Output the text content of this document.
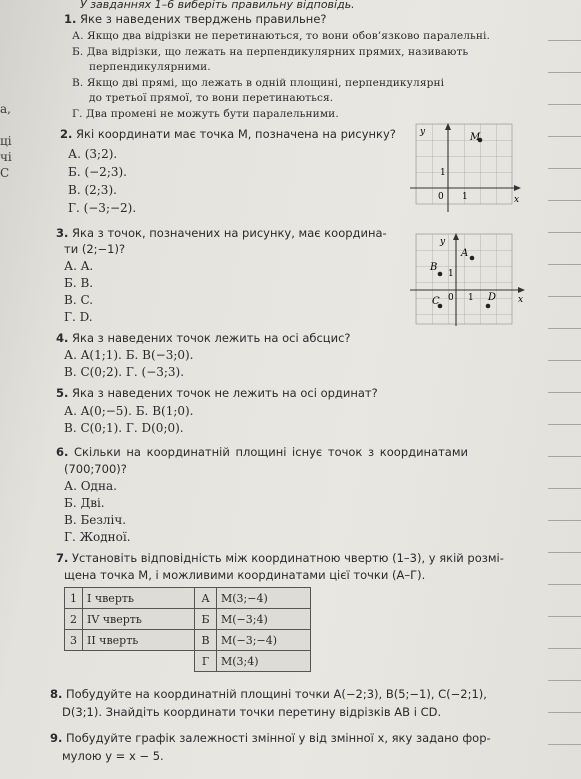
а,
ці
чі
С
У завданнях 1–6 виберіть правильну відповідь.
1. Яке з наведених тверджень правильне?
А. Якщо два відрізки не перетинаються, то вони обов’язково паралельні.
Б. Два відрізки, що лежать на перпендикулярних прямих, називають
перпендикулярними.
В. Якщо дві прямі, що лежать в одній площині, перпендикулярні
до третьої прямої, то вони перетинаються.
Г. Два промені не можуть бути паралельними.
2. Які координати має точка M, позначена на рисунку?
А. (3;2).
Б. (−2;3).
В. (2;3).
Г. (−3;−2).
y
x
0 1
1
M
3. Яка з точок, позначених на рисунку, має координа-
ти (2;−1)?
А. A.
Б. B.
В. C.
Г. D.
y
x
0 1
1
A
B
C	D
4. Яка з наведених точок лежить на осі абсцис?
А. A(1;1). Б. B(−3;0).
В. C(0;2). Г. (−3;3).
5. Яка з наведених точок не лежить на осі ординат?
А. A(0;−5). Б. B(1;0).
В. C(0;1). Г. D(0;0).
6. Скільки на координатній площині існує точок з координатами
(700;700)?
А. Одна.
Б. Дві.
В. Безліч.
Г. Жодної.
7. Установіть відповідність між координатною чвертю (1–3), у якій розмі-
щена точка M, і можливими координатами цієї точки (А–Г).
1	I чверть	А	M(3;−4)
2	IV чверть	Б	M(−3;4)
3	II чверть	В	M(−3;−4)
		Г	M(3;4)
8. Побудуйте на координатній площині точки A(−2;3), B(5;−1), C(−2;1),
D(3;1). Знайдіть координати точки перетину відрізків AB і CD.
9. Побудуйте графік залежності змінної y від змінної x, яку задано фор-
мулою y = x − 5.
